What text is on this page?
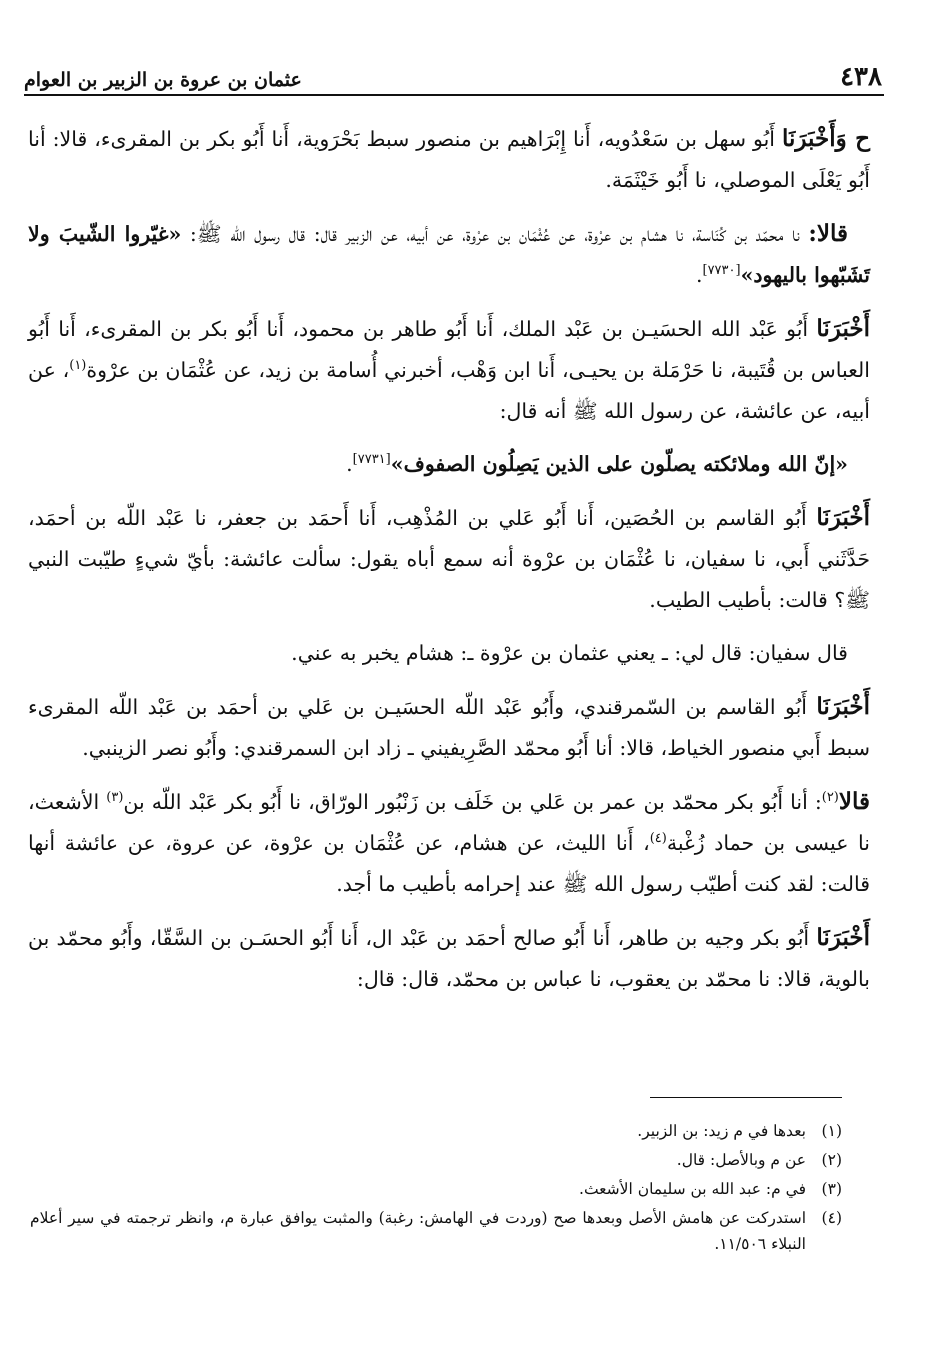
٤٣٨
عثمان بن عروة بن الزبير بن العوام

ح وَأَخْبَرَنَا أَبُو سهل بن سَعْدُويه، أَنا إِبْرَاهيم بن منصور سبط بَحْرَوية، أَنا أَبُو بكر بن المقرىء، قالا: أنا أَبُو يَعْلَى الموصلي، نا أَبُو خَيْثَمَة.

قالا: نا محمّد بن كُنَاسة، نا هشام بن عرْوة، عن عُثْمَان بن عرْوة، عن أبيه، عن الزبير قال: قال رسول الله ﷺ: «غيّروا الشّيبَ ولا تَشَبّهوا باليهود»[٧٧٣٠].

أَخْبَرَنَا أَبُو عَبْد الله الحسَيـن بن عَبْد الملك، أَنا أَبُو طاهر بن محمود، أَنا أَبُو بكر بن المقرىء، أَنا أَبُو العباس بن قُتَيبة، نا حَرْمَلة بن يحيـى، أَنا ابن وَهْب، أخبرني أُسامة بن زيد، عن عُثْمَان بن عرْوة$^{(١)}$، عن أبيه، عن عائشة، عن رسول الله ﷺ أنه قال:

«إنّ الله وملائكته يصلّون على الذين يَصِلُون الصفوف»[٧٧٣١].

أَخْبَرَنَا أَبُو القاسم بن الحُصَين، أَنا أَبُو عَلي بن المُذْهِب، أَنا أَحمَد بن جعفر، نا عَبْد اللّه بن أحمَد، حَدَّثَني أَبي، نا سفيان، نا عُثْمَان بن عرْوة أنه سمع أباه يقول: سألت عائشة: بأيّ شيءٍ طيّبت النبي ﷺ؟ قالت: بأطيب الطيب.

قال سفيان: قال لي: ـ يعني عثمان بن عرْوة ـ: هشام يخبر به عني.

أَخْبَرَنَا أَبُو القاسم بن السّمرقندي، وأَبُو عَبْد اللّه الحسَيـن بن عَلي بن أحمَد بن عَبْد اللّه المقرىء سبط أَبي منصور الخياط، قالا: أنا أَبُو محمّد الصَّرِيفيني ـ زاد ابن السمرقندي: وأَبُو نصر الزينبي.

قالا$^{(٢)}$: أنا أَبُو بكر محمّد بن عمر بن عَلي بن خَلَف بن زَنْبُور الورّاق، نا أَبُو بكر عَبْد اللّه بن$^{(٣)}$ الأشعث، نا عيسى بن حماد زُغْبة$^{(٤)}$، أَنا الليث، عن هشام، عن عُثْمَان بن عرْوة، عن عروة، عن عائشة أنها قالت: لقد كنت أطيّب رسول الله ﷺ عند إحرامه بأطيب ما أجد.

أَخْبَرَنَا أَبُو بكر وجيه بن طاهر، أَنا أَبُو صالح أحمَد بن عَبْد ال، أَنا أَبُو الحسَـن بن السَّقّا، وأَبُو محمّد بن بالوية، قالا: نا محمّد بن يعقوب، نا عباس بن محمّد، قال: قال:

(١)
بعدها في م زيد: بن الزبير.
(٢)
عن م وبالأصل: قال.
(٣)
في م: عبد الله بن سليمان الأشعث.
(٤)
استدركت عن هامش الأصل وبعدها صح (وردت في الهامش: رغبة) والمثبت يوافق عبارة م، وانظر ترجمته في سير أعلام النبلاء ١١/٥٠٦.
